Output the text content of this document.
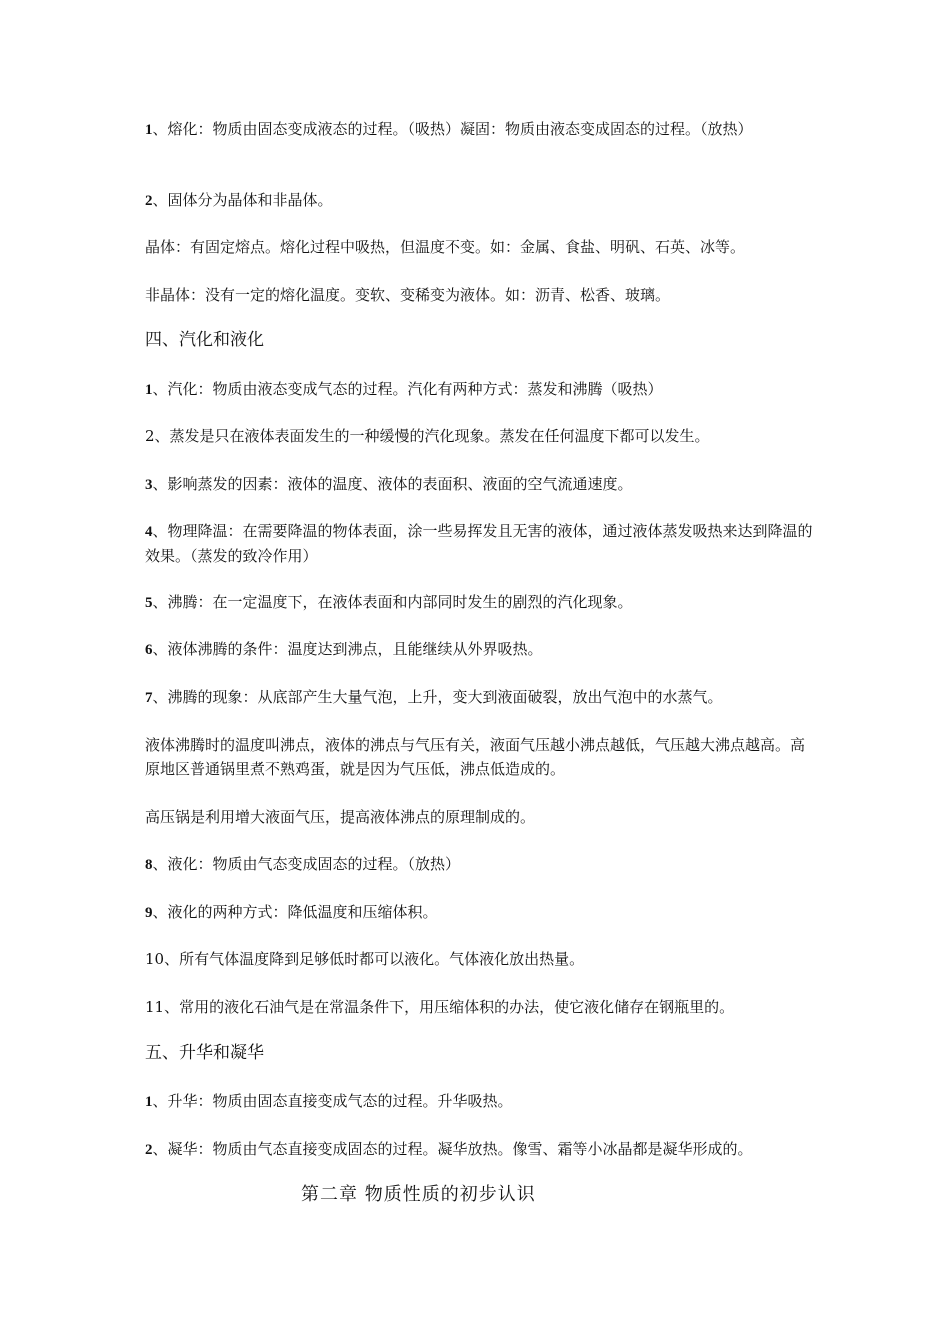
1、熔化：物质由固态变成液态的过程。（吸热）凝固：物质由液态变成固态的过程。（放热）
2、固体分为晶体和非晶体。
晶体：有固定熔点。熔化过程中吸热，但温度不变。如：金属、食盐、明矾、石英、冰等。
非晶体：没有一定的熔化温度。变软、变稀变为液体。如：沥青、松香、玻璃。
四、汽化和液化
1、汽化：物质由液态变成气态的过程。汽化有两种方式：蒸发和沸腾（吸热）
2、蒸发是只在液体表面发生的一种缓慢的汽化现象。蒸发在任何温度下都可以发生。
3、影响蒸发的因素：液体的温度、液体的表面积、液面的空气流通速度。
4、物理降温：在需要降温的物体表面，涂一些易挥发且无害的液体，通过液体蒸发吸热来达到降温的效果。（蒸发的致冷作用）
5、沸腾：在一定温度下，在液体表面和内部同时发生的剧烈的汽化现象。
6、液体沸腾的条件：温度达到沸点，且能继续从外界吸热。
7、沸腾的现象：从底部产生大量气泡，上升，变大到液面破裂，放出气泡中的水蒸气。
液体沸腾时的温度叫沸点，液体的沸点与气压有关，液面气压越小沸点越低，气压越大沸点越高。高原地区普通锅里煮不熟鸡蛋，就是因为气压低，沸点低造成的。
高压锅是利用增大液面气压，提高液体沸点的原理制成的。
8、液化：物质由气态变成固态的过程。（放热）
9、液化的两种方式：降低温度和压缩体积。
10、所有气体温度降到足够低时都可以液化。气体液化放出热量。
11、常用的液化石油气是在常温条件下，用压缩体积的办法，使它液化储存在钢瓶里的。
五、升华和凝华
1、升华：物质由固态直接变成气态的过程。升华吸热。
2、凝华：物质由气态直接变成固态的过程。凝华放热。像雪、霜等小冰晶都是凝华形成的。
第二章 物质性质的初步认识
